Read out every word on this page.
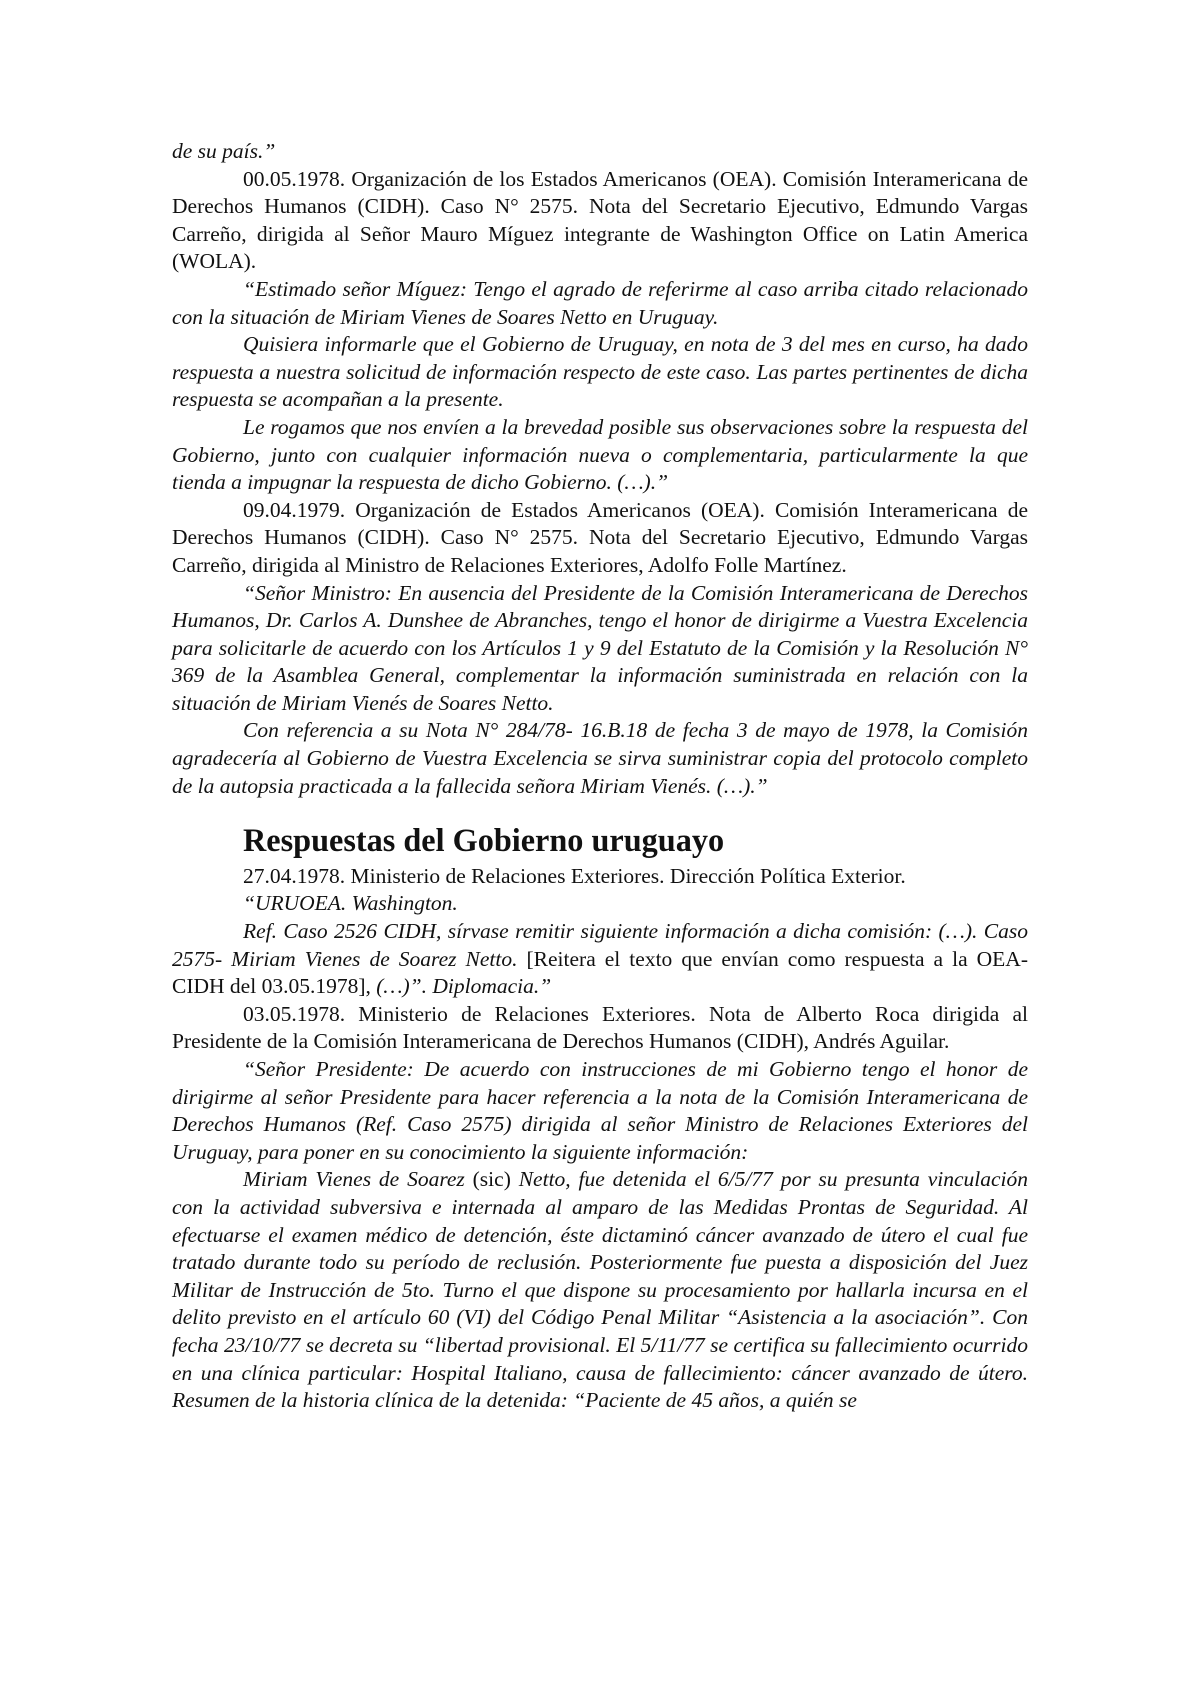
de su país.”

00.05.1978. Organización de los Estados Americanos (OEA). Comisión Interamericana de Derechos Humanos (CIDH). Caso N° 2575. Nota del Secretario Ejecutivo, Edmundo Vargas Carreño, dirigida al Señor Mauro Míguez integrante de Washington Office on Latin America (WOLA).

“Estimado señor Míguez: Tengo el agrado de referirme al caso arriba citado relacionado con la situación de Miriam Vienes de Soares Netto en Uruguay.

Quisiera informarle que el Gobierno de Uruguay, en nota de 3 del mes en curso, ha dado respuesta a nuestra solicitud de información respecto de este caso. Las partes pertinentes de dicha respuesta se acompañan a la presente.

Le rogamos que nos envíen a la brevedad posible sus observaciones sobre la respuesta del Gobierno, junto con cualquier información nueva o complementaria, particularmente la que tienda a impugnar la respuesta de dicho Gobierno. (…).”

09.04.1979. Organización de Estados Americanos (OEA). Comisión Interamericana de Derechos Humanos (CIDH). Caso N° 2575. Nota del Secretario Ejecutivo, Edmundo Vargas Carreño, dirigida al Ministro de Relaciones Exteriores, Adolfo Folle Martínez.

“Señor Ministro: En ausencia del Presidente de la Comisión Interamericana de Derechos Humanos, Dr. Carlos A. Dunshee de Abranches, tengo el honor de dirigirme a Vuestra Excelencia para solicitarle de acuerdo con los Artículos 1 y 9 del Estatuto de la Comisión y la Resolución N° 369 de la Asamblea General, complementar la información suministrada en relación con la situación de Miriam Vienés de Soares Netto.

Con referencia a su Nota N° 284/78- 16.B.18 de fecha 3 de mayo de 1978, la Comisión agradecería al Gobierno de Vuestra Excelencia se sirva suministrar copia del protocolo completo de la autopsia practicada a la fallecida señora Miriam Vienés. (…).”

Respuestas del Gobierno uruguayo

27.04.1978. Ministerio de Relaciones Exteriores. Dirección Política Exterior.

“URUOEA. Washington.

Ref. Caso 2526 CIDH, sírvase remitir siguiente información a dicha comisión: (…). Caso 2575- Miriam Vienes de Soarez Netto. [Reitera el texto que envían como respuesta a la OEA- CIDH del 03.05.1978], (…)”. Diplomacia.”

03.05.1978. Ministerio de Relaciones Exteriores. Nota de Alberto Roca dirigida al Presidente de la Comisión Interamericana de Derechos Humanos (CIDH), Andrés Aguilar.

“Señor Presidente: De acuerdo con instrucciones de mi Gobierno tengo el honor de dirigirme al señor Presidente para hacer referencia a la nota de la Comisión Interamericana de Derechos Humanos (Ref. Caso 2575) dirigida al señor Ministro de Relaciones Exteriores del Uruguay, para poner en su conocimiento la siguiente información:

Miriam Vienes de Soarez (sic) Netto, fue detenida el 6/5/77 por su presunta vinculación con la actividad subversiva e internada al amparo de las Medidas Prontas de Seguridad. Al efectuarse el examen médico de detención, éste dictaminó cáncer avanzado de útero el cual fue tratado durante todo su período de reclusión. Posteriormente fue puesta a disposición del Juez Militar de Instrucción de 5to. Turno el que dispone su procesamiento por hallarla incursa en el delito previsto en el artículo 60 (VI) del Código Penal Militar “Asistencia a la asociación”. Con fecha 23/10/77 se decreta su “libertad provisional. El 5/11/77 se certifica su fallecimiento ocurrido en una clínica particular: Hospital Italiano, causa de fallecimiento: cáncer avanzado de útero. Resumen de la historia clínica de la detenida: “Paciente de 45 años, a quién se
